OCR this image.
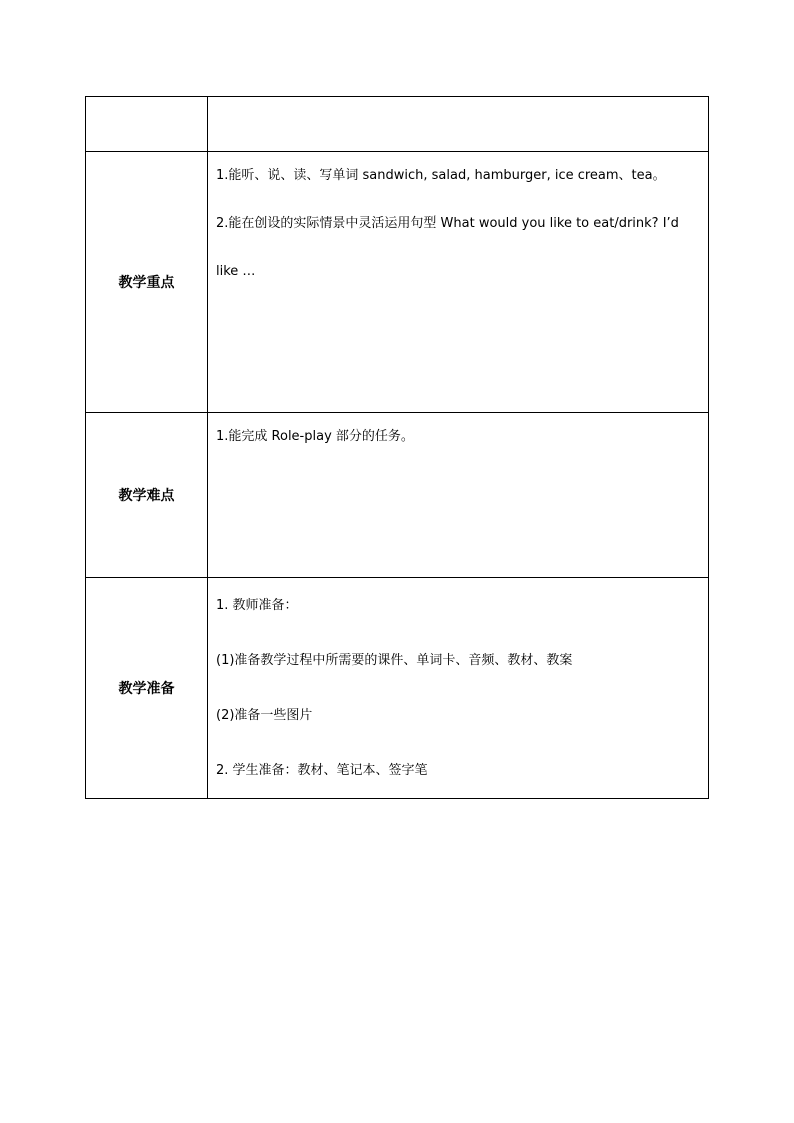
教学重点	1.能听、说、读、写单词 sandwich, salad, hamburger, ice cream、tea。

2.能在创设的实际情景中灵活运用句型 What would you like to eat/drink? I’d like …

教学难点	1.能完成 Role-play 部分的任务。

教学准备	1. 教师准备：

(1)准备教学过程中所需要的课件、单词卡、音频、教材、教案

(2)准备一些图片

2. 学生准备：教材、笔记本、签字笔
